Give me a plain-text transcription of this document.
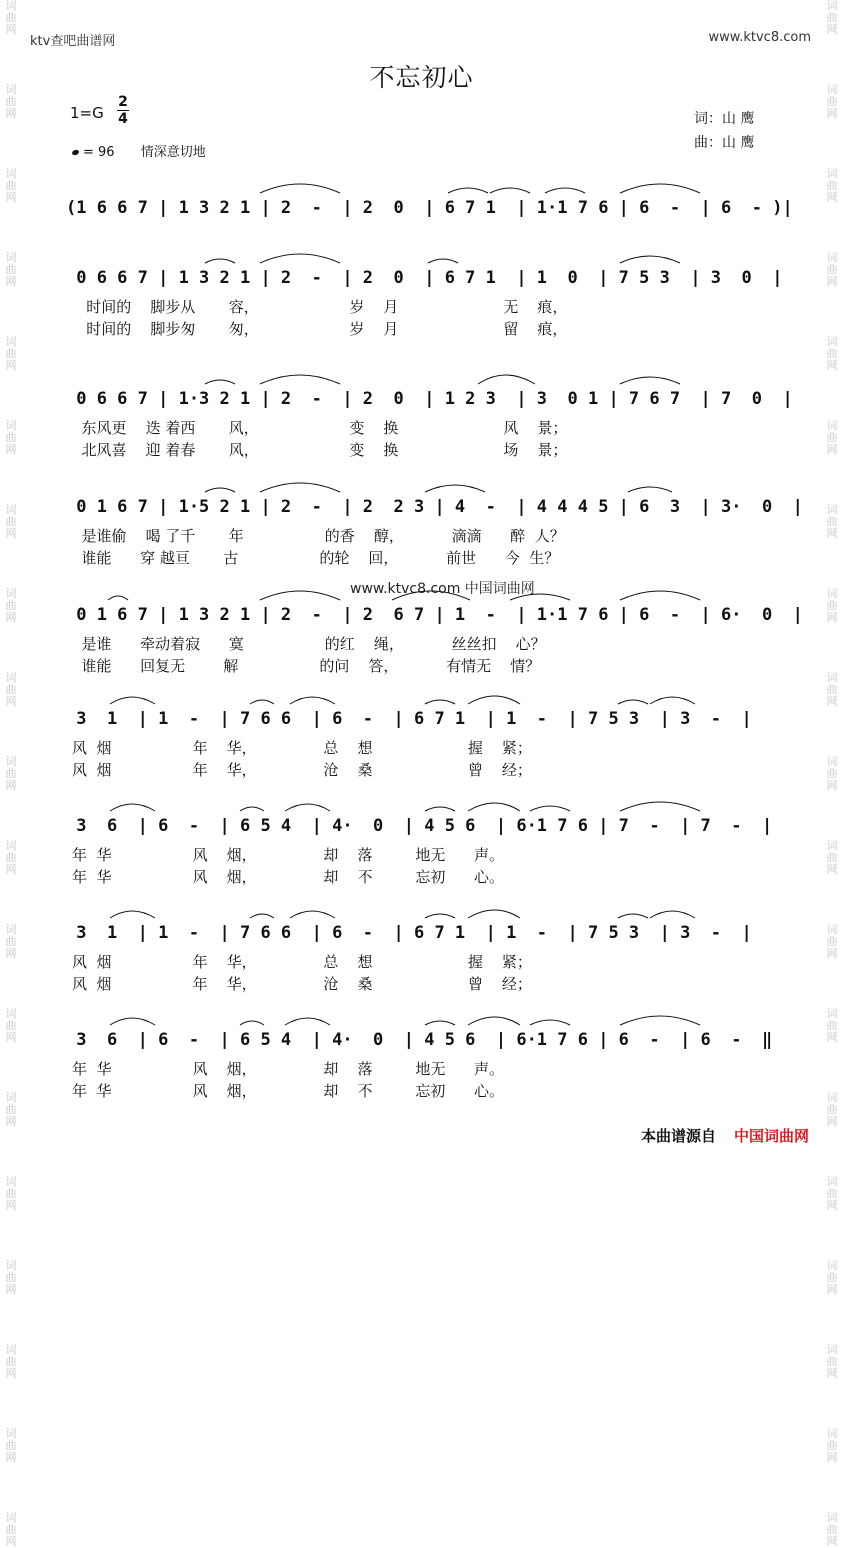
词
曲
网

词
曲
网

词
曲
网

词
曲
网

词
曲
网

词
曲
网

词
曲
网

词
曲
网

词
曲
网

词
曲
网

词
曲
网

词
曲
网

词
曲
网

词
曲
网

词
曲
网

词
曲
网

词
曲
网

词
曲
网

词
曲
网
词
曲
网

词
曲
网

词
曲
网

词
曲
网

词
曲
网

词
曲
网

词
曲
网

词
曲
网

词
曲
网

词
曲
网

词
曲
网

词
曲
网

词
曲
网

词
曲
网

词
曲
网

词
曲
网

词
曲
网

词
曲
网

词
曲
网
ktv查吧曲谱网	www.ktvc8.com
不忘初心
1=G
2
4
= 96 情深意切地
词：山 鹰
曲：山 鹰
(1 6 6 7 | 1 3 2 1 | 2  -  | 2  0  | 6 7 1  | 1·1 7 6 | 6  -  | 6  - )|
0 6 6 7 | 1 3 2 1 | 2  -  | 2  0  | 6 7 1  | 1  0  | 7 5 3  | 3  0  |
时间的    脚步从       容，                   岁    月                      无    痕，
时间的    脚步匆       匆，                   岁    月                      留    痕，
0 6 6 7 | 1·3 2 1 | 2  -  | 2  0  | 1 2 3  | 3  0 1 | 7 6 7  | 7  0  |
东风更    迭 着西       风，                   变    换                      风    景；
北风喜    迎 着春       风，                   变    换                      场    景；
0 1 6 7 | 1·5 2 1 | 2  -  | 2  2 3 | 4  -  | 4 4 4 5 | 6  3  | 3·  0  |
是谁偷    喝 了千       年                 的香    醇，          滴滴      醉  人？
谁能      穿 越亘       古                 的轮    回，          前世      今  生？
www.ktvc8.com 中国词曲网
0 1 6 7 | 1 3 2 1 | 2  -  | 2  6 7 | 1  -  | 1·1 7 6 | 6  -  | 6·  0  |
是谁      牵动着寂      寞                 的红    绳，          丝丝扣    心？
谁能      回复无        解                 的问    答，          有情无    情？
3  1  | 1  -  | 7 6 6  | 6  -  | 6 7 1  | 1  -  | 7 5 3  | 3  -  |
风  烟                 年    华，              总    想                    握    紧；
风  烟                 年    华，              沧    桑                    曾    经；
3  6  | 6  -  | 6 5 4  | 4·  0  | 4 5 6  | 6·1 7 6 | 7  -  | 7  -  |
年  华                 风    烟，              却    落         地无      声。
年  华                 风    烟，              却    不         忘初      心。
3  1  | 1  -  | 7 6 6  | 6  -  | 6 7 1  | 1  -  | 7 5 3  | 3  -  |
风  烟                 年    华，              总    想                    握    紧；
风  烟                 年    华，              沧    桑                    曾    经；
3  6  | 6  -  | 6 5 4  | 4·  0  | 4 5 6  | 6·1 7 6 | 6  -  | 6  -  ‖
年  华                 风    烟，              却    落         地无      声。
年  华                 风    烟，              却    不         忘初      心。
本曲谱源自 中国词曲网
